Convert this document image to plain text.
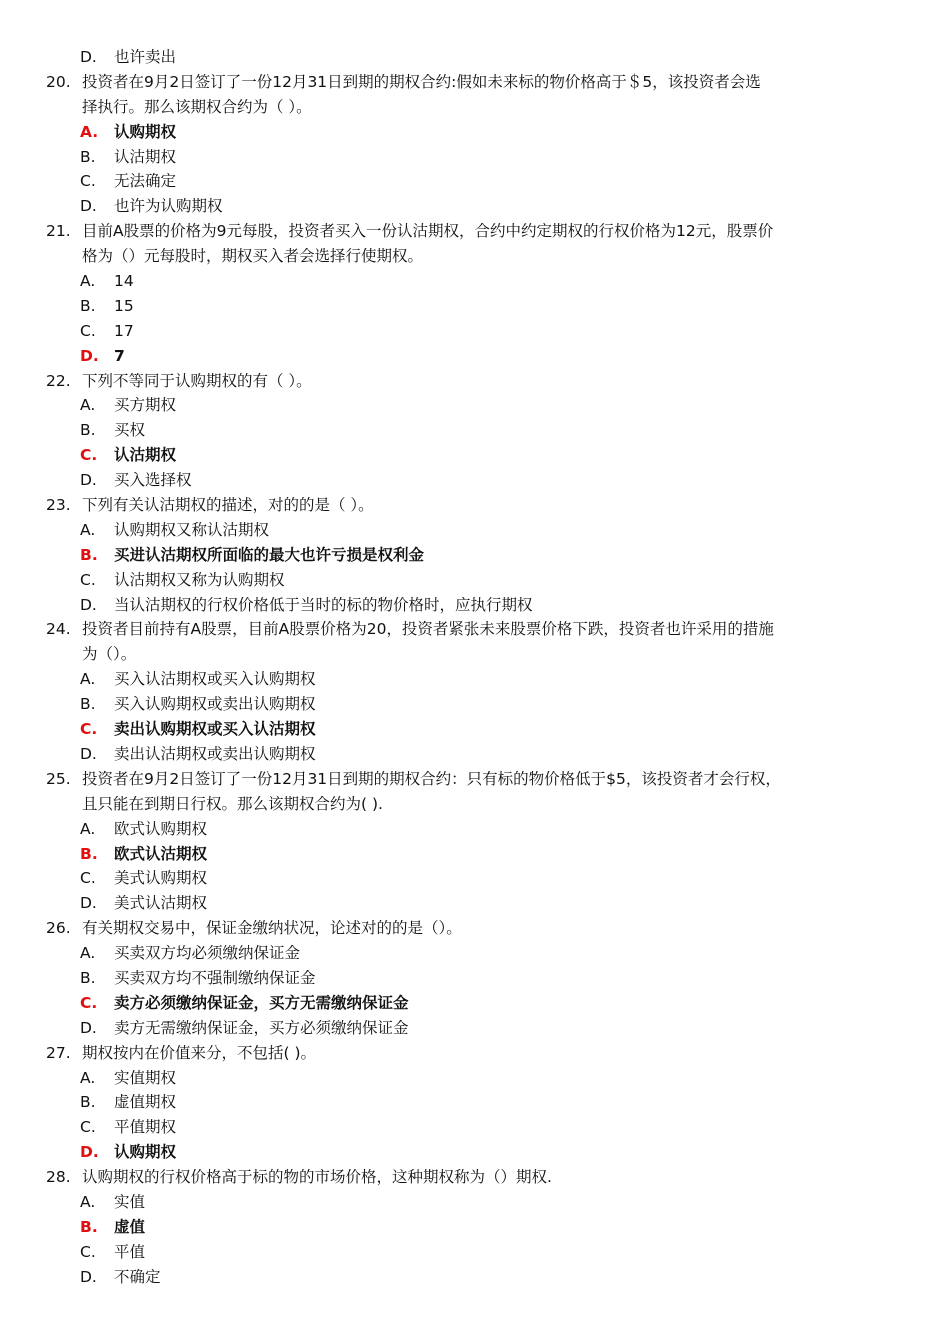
D. 也许卖出
20. 投资者在9月2日签订了一份12月31日到期的期权合约:假如未来标的物价格高于＄5，该投资者会选
择执行。那么该期权合约为（ ）。
A. 认购期权
B. 认沽期权
C. 无法确定
D. 也许为认购期权
21. 目前A股票的价格为9元每股，投资者买入一份认沽期权，合约中约定期权的行权价格为12元，股票价
格为（）元每股时，期权买入者会选择行使期权。
A. 14
B. 15
C. 17
D. 7
22. 下列不等同于认购期权的有（ ）。
A. 买方期权
B. 买权
C. 认沽期权
D. 买入选择权
23. 下列有关认沽期权的描述，对的的是（ ）。
A. 认购期权又称认沽期权
B. 买进认沽期权所面临的最大也许亏损是权利金
C. 认沽期权又称为认购期权
D. 当认沽期权的行权价格低于当时的标的物价格时，应执行期权
24. 投资者目前持有A股票，目前A股票价格为20，投资者紧张未来股票价格下跌，投资者也许采用的措施
为（）。
A. 买入认沽期权或买入认购期权
B. 买入认购期权或卖出认购期权
C. 卖出认购期权或买入认沽期权
D. 卖出认沽期权或卖出认购期权
25. 投资者在9月2日签订了一份12月31日到期的期权合约：只有标的物价格低于$5，该投资者才会行权，
且只能在到期日行权。那么该期权合约为( ).
A. 欧式认购期权
B. 欧式认沽期权
C. 美式认购期权
D. 美式认沽期权
26. 有关期权交易中，保证金缴纳状况，论述对的的是（）。
A. 买卖双方均必须缴纳保证金
B. 买卖双方均不强制缴纳保证金
C. 卖方必须缴纳保证金，买方无需缴纳保证金
D. 卖方无需缴纳保证金，买方必须缴纳保证金
27. 期权按内在价值来分，不包括( )。
A. 实值期权
B. 虚值期权
C. 平值期权
D. 认购期权
28. 认购期权的行权价格高于标的物的市场价格，这种期权称为（）期权.
A. 实值
B. 虚值
C. 平值
D. 不确定
